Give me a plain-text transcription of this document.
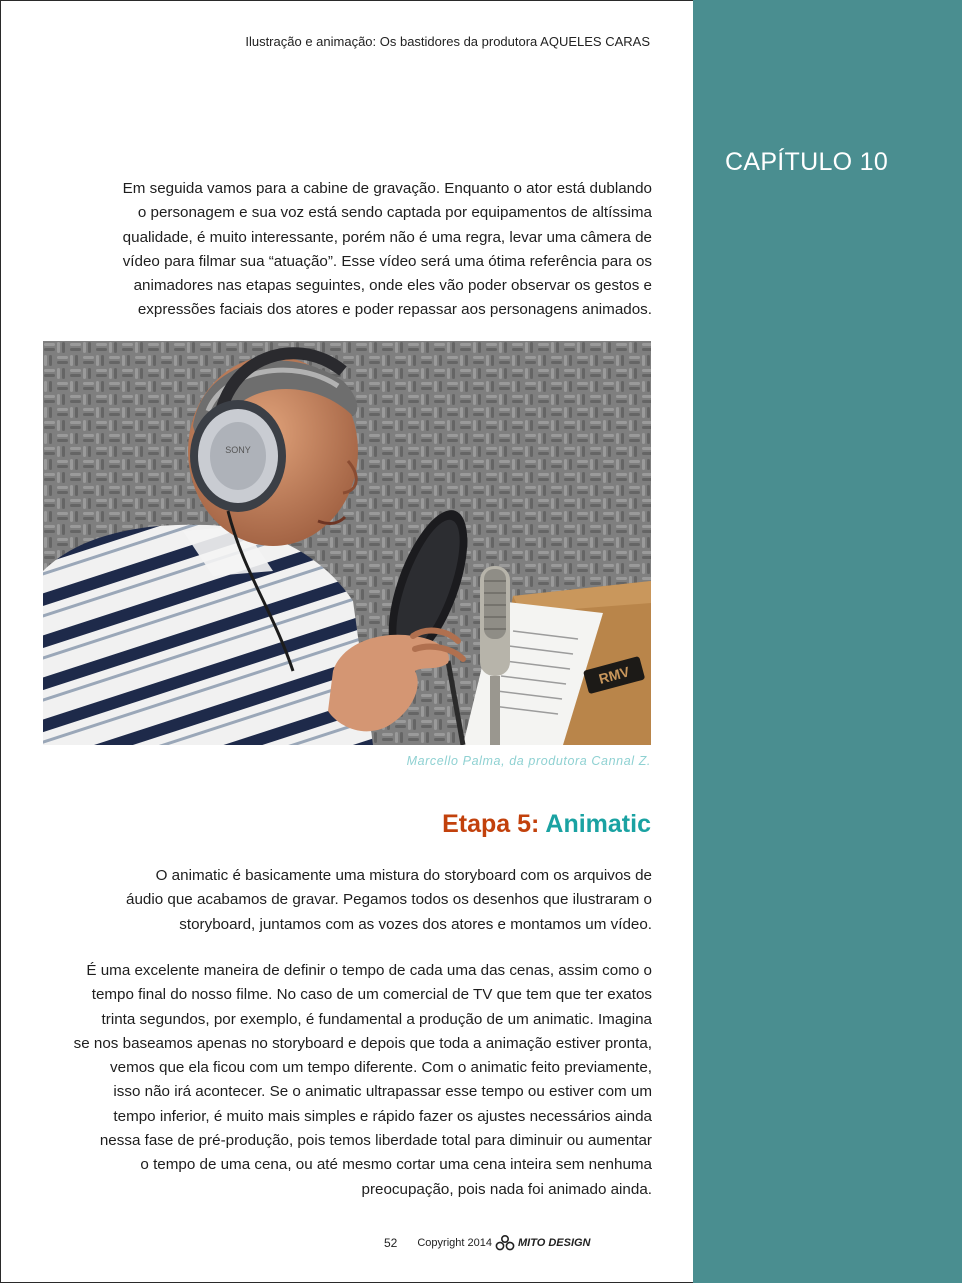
CAPÍTULO 10
Ilustração e animação: Os bastidores da produtora AQUELES CARAS
Em seguida vamos para a cabine de gravação. Enquanto o ator está dublando
o personagem e sua voz está sendo captada por equipamentos de altíssima
qualidade, é muito interessante, porém não é uma regra, levar uma câmera de
vídeo para filmar sua “atuação”. Esse vídeo será uma ótima referência para os
animadores nas etapas seguintes, onde eles vão poder observar os gestos e
expressões faciais dos atores e poder repassar aos personagens animados.
RMV
SONY
Marcello Palma, da produtora Cannal Z.
Etapa 5: Animatic
O animatic é basicamente uma mistura do storyboard com os arquivos de
áudio que acabamos de gravar. Pegamos todos os desenhos que ilustraram o
storyboard, juntamos com as vozes dos atores e montamos um vídeo.
É uma excelente maneira de definir o tempo de cada uma das cenas, assim como o
tempo final do nosso filme. No caso de um comercial de TV que tem que ter exatos
trinta segundos, por exemplo, é fundamental a produção de um animatic. Imagina
se nos baseamos apenas no storyboard e depois que toda a animação estiver pronta,
vemos que ela ficou com um tempo diferente. Com o animatic feito previamente,
isso não irá acontecer. Se o animatic ultrapassar esse tempo ou estiver com um
tempo inferior, é muito mais simples e rápido fazer os ajustes necessários ainda
nessa fase de pré-produção, pois temos liberdade total para diminuir ou aumentar
o tempo de uma cena, ou até mesmo cortar uma cena inteira sem nenhuma
preocupação, pois nada foi animado ainda.
52 Copyright 2014 MITO DESIGN
